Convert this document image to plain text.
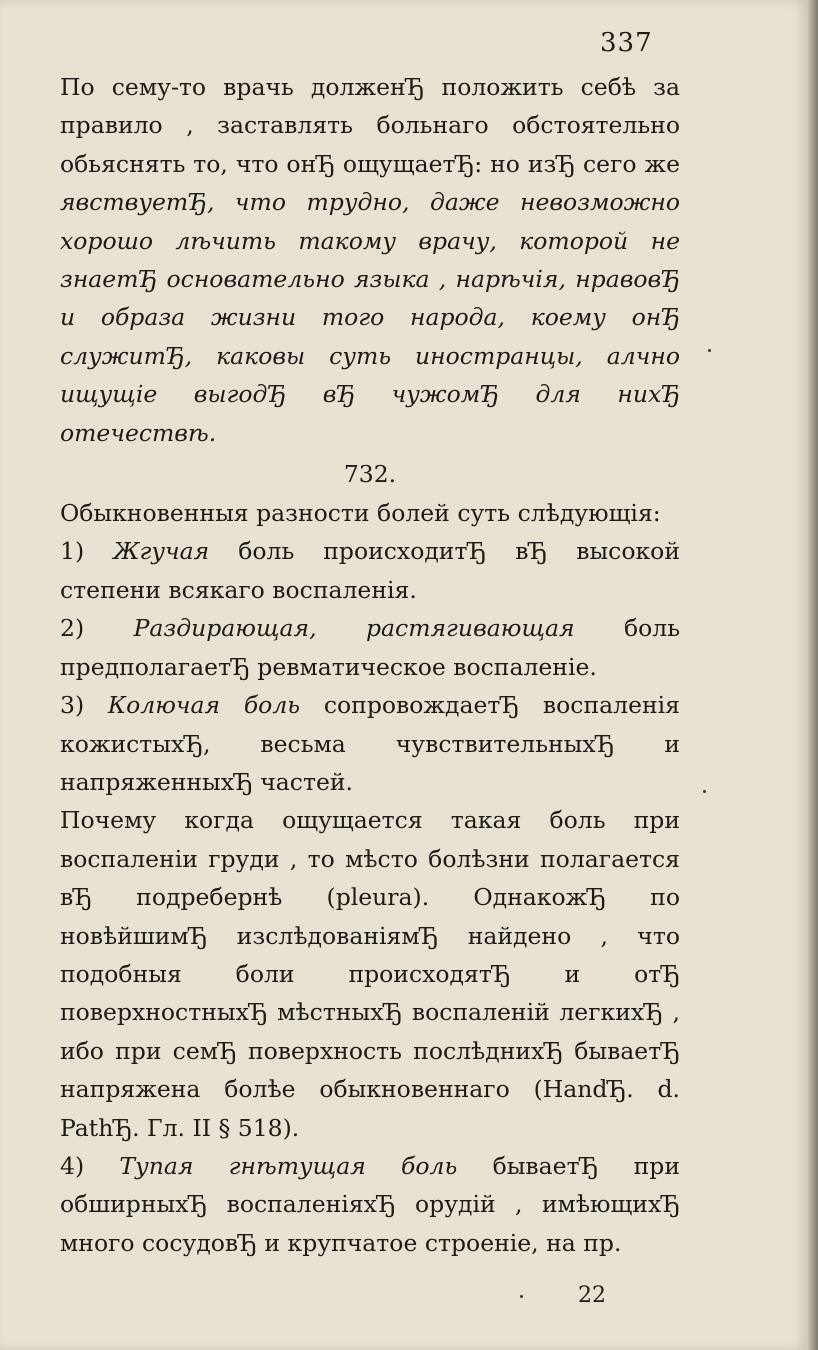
337

По сему-то врачь долженЂ положить себѣ за правило , заставлять больнаго обстоятельно обьяснять то, что онЂ ощущаетЂ: но изЂ сего же явствуетЂ, что трудно, даже невозможно хорошо лѣчить такому врачу, которой не знаетЂ основательно языка , нарѣчія, нравовЂ и образа жизни того народа, коему онЂ служитЂ, каковы суть иностранцы, алчно ищущіе выгодЂ вЂ чужомЂ для нихЂ отечествѣ.

732.

Обыкновенныя разности болей суть слѣдующія:

1) Жгучая боль происходитЂ вЂ высокой степени всякаго воспаленія.

2) Раздирающая, растягивающая боль предполагаетЂ ревматическое воспаленіе.

3) Колючая боль сопровождаетЂ воспаленія кожистыхЂ, весьма чувствительныхЂ и напряженныхЂ частей.

Почему когда ощущается такая боль при воспаленіи груди , то мѣсто болѣзни полагается вЂ подребернѣ (pleura). ОднакожЂ по новѣйшимЂ изслѣдованіямЂ найдено , что подобныя боли происходятЂ и отЂ поверхностныхЂ мѣстныхЂ воспаленій легкихЂ , ибо при семЂ поверхность послѣднихЂ бываетЂ напряжена болѣе обыкновеннаго (HandЂ. d. PathЂ. Гл. II § 518).

4) Тупая гнѣтущая боль бываетЂ при обширныхЂ воспаленіяхЂ орудій , имѣющихЂ много сосудовЂ и крупчатое строеніе, на пр.

22
